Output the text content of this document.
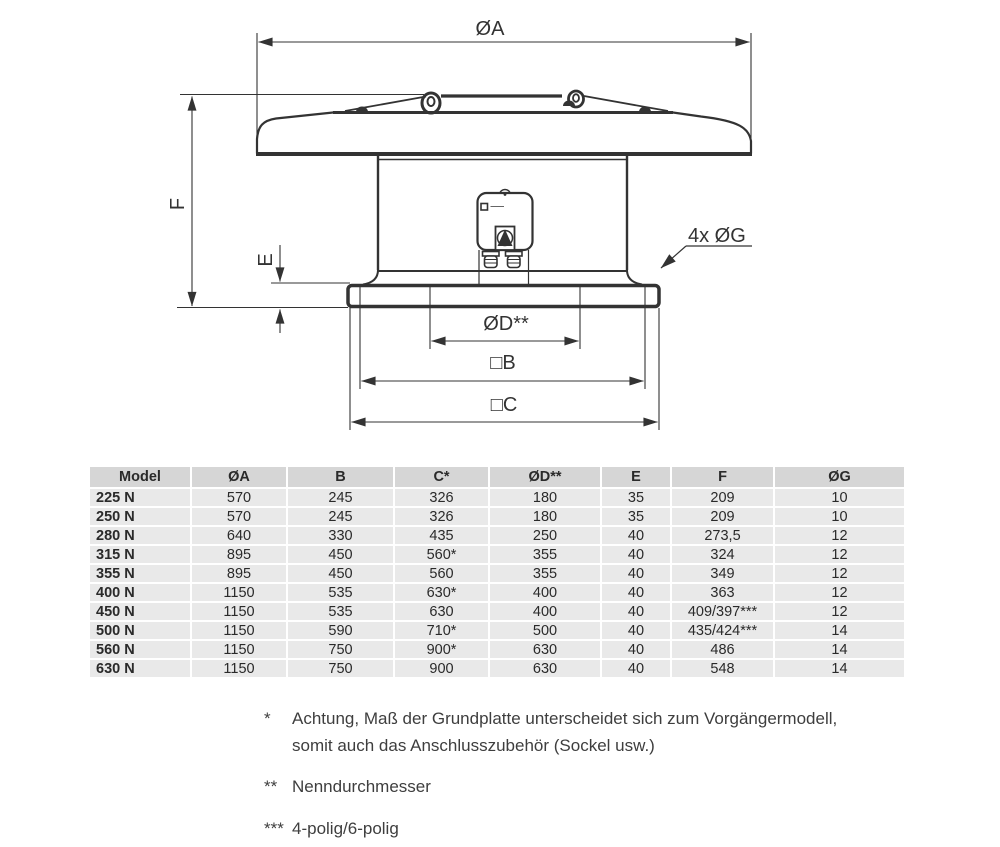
ØA
F
E
4x ØG
ØD**
□B
□C
Model	ØA	B	C*	ØD**	E	F	ØG
225 N	570	245	326	180	35	209	10
250 N	570	245	326	180	35	209	10
280 N	640	330	435	250	40	273,5	12
315 N	895	450	560*	355	40	324	12
355 N	895	450	560	355	40	349	12
400 N	1150	535	630*	400	40	363	12
450 N	1150	535	630	400	40	409/397***	12
500 N	1150	590	710*	500	40	435/424***	14
560 N	1150	750	900*	630	40	486	14
630 N	1150	750	900	630	40	548	14
*	Achtung, Maß der Grundplatte unterscheidet sich zum Vorgängermodell, somit auch das Anschlusszubehör (Sockel usw.)
** Nenndurchmesser
*** 4-polig/6-polig
